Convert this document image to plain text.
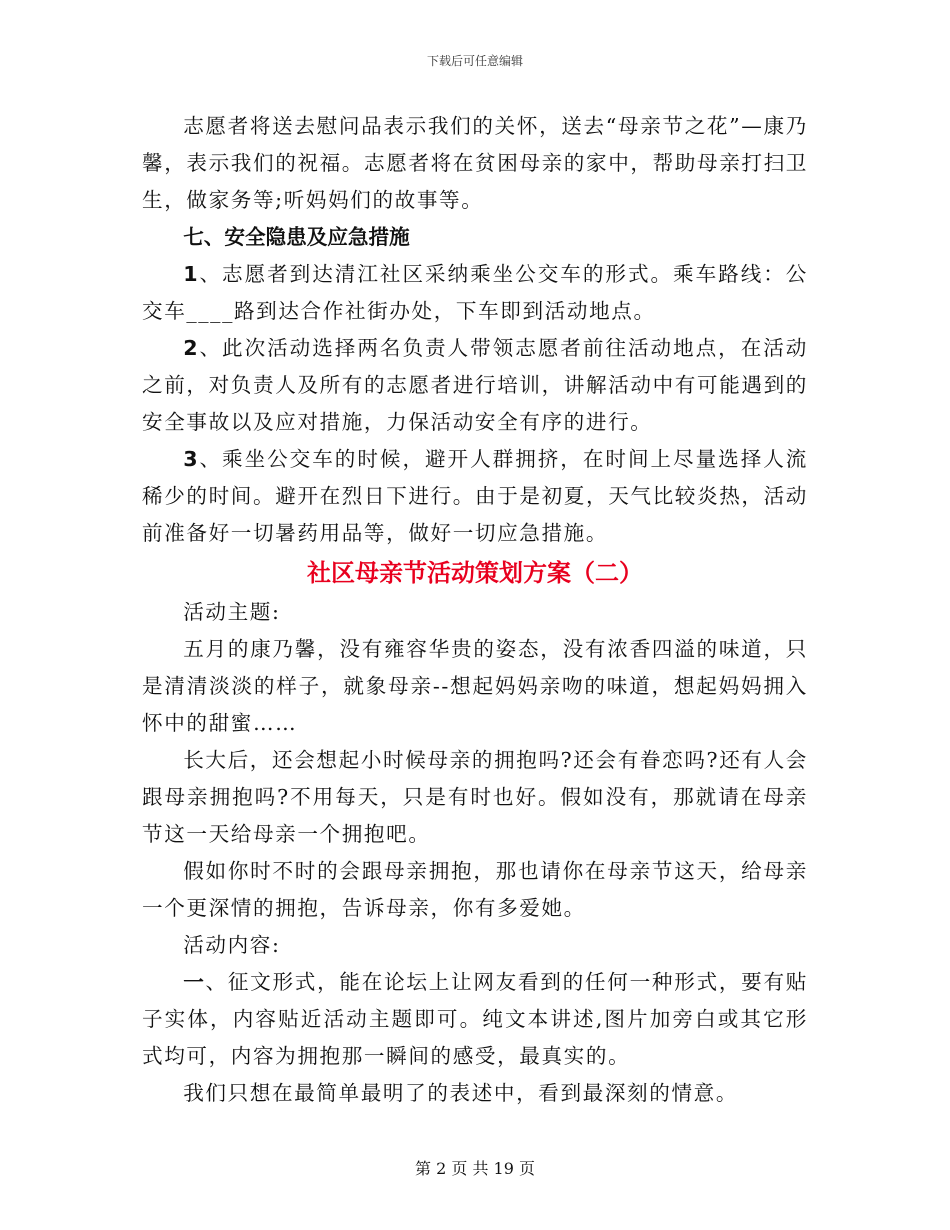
下载后可任意编辑

志愿者将送去慰问品表示我们的关怀，送去“母亲节之花”—康乃馨，表示我们的祝福。志愿者将在贫困母亲的家中，帮助母亲打扫卫生，做家务等;听妈妈们的故事等。

七、安全隐患及应急措施

1、志愿者到达清江社区采纳乘坐公交车的形式。乘车路线：公交车____路到达合作社街办处，下车即到活动地点。

2、此次活动选择两名负责人带领志愿者前往活动地点，在活动之前，对负责人及所有的志愿者进行培训，讲解活动中有可能遇到的安全事故以及应对措施，力保活动安全有序的进行。

3、乘坐公交车的时候，避开人群拥挤，在时间上尽量选择人流稀少的时间。避开在烈日下进行。由于是初夏，天气比较炎热，活动前准备好一切暑药用品等，做好一切应急措施。

社区母亲节活动策划方案（二）

活动主题:

五月的康乃馨，没有雍容华贵的姿态，没有浓香四溢的味道，只是清清淡淡的样子，就象母亲--想起妈妈亲吻的味道，想起妈妈拥入怀中的甜蜜……

长大后，还会想起小时候母亲的拥抱吗?还会有眷恋吗?还有人会跟母亲拥抱吗?不用每天，只是有时也好。假如没有，那就请在母亲节这一天给母亲一个拥抱吧。

假如你时不时的会跟母亲拥抱，那也请你在母亲节这天，给母亲一个更深情的拥抱，告诉母亲，你有多爱她。

活动内容:

一、征文形式，能在论坛上让网友看到的任何一种形式，要有贴子实体，内容贴近活动主题即可。纯文本讲述,图片加旁白或其它形式均可，内容为拥抱那一瞬间的感受，最真实的。

我们只想在最简单最明了的表述中，看到最深刻的情意。

第 2 页 共 19 页
